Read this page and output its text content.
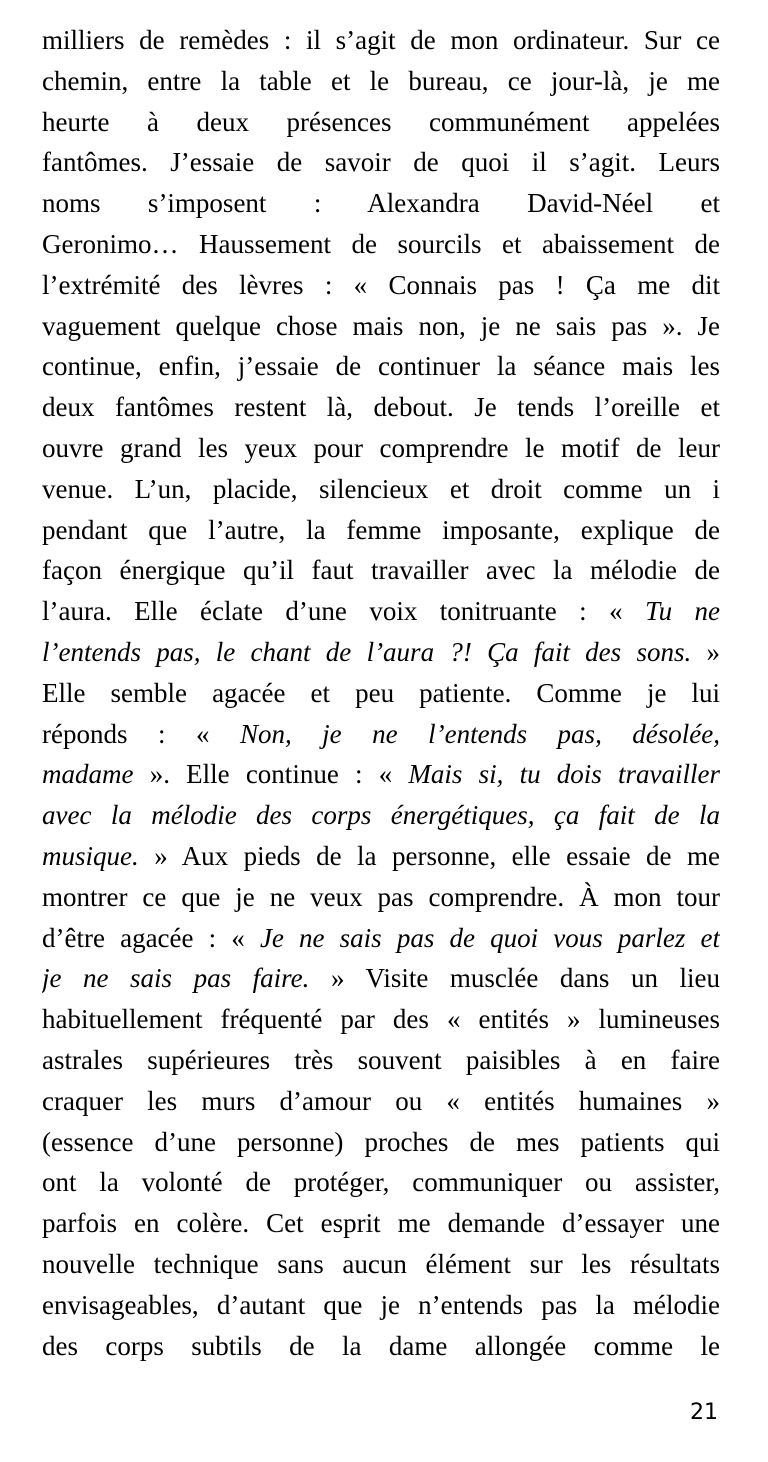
milliers de remèdes : il s’agit de mon ordinateur. Sur ce
chemin, entre la table et le bureau, ce jour-là, je me
heurte à deux présences communément appelées
fantômes. J’essaie de savoir de quoi il s’agit. Leurs
noms s’imposent : Alexandra David-Néel et
Geronimo… Haussement de sourcils et abaissement de
l’extrémité des lèvres : « Connais pas ! Ça me dit
vaguement quelque chose mais non, je ne sais pas ». Je
continue, enfin, j’essaie de continuer la séance mais les
deux fantômes restent là, debout. Je tends l’oreille et
ouvre grand les yeux pour comprendre le motif de leur
venue. L’un, placide, silencieux et droit comme un i
pendant que l’autre, la femme imposante, explique de
façon énergique qu’il faut travailler avec la mélodie de
l’aura. Elle éclate d’une voix tonitruante : « Tu ne
l’entends pas, le chant de l’aura ?! Ça fait des sons. »
Elle semble agacée et peu patiente. Comme je lui
réponds : « Non, je ne l’entends pas, désolée,
madame ». Elle continue : « Mais si, tu dois travailler
avec la mélodie des corps énergétiques, ça fait de la
musique. » Aux pieds de la personne, elle essaie de me
montrer ce que je ne veux pas comprendre. À mon tour
d’être agacée : « Je ne sais pas de quoi vous parlez et
je ne sais pas faire. » Visite musclée dans un lieu
habituellement fréquenté par des « entités » lumineuses
astrales supérieures très souvent paisibles à en faire
craquer les murs d’amour ou « entités humaines »
(essence d’une personne) proches de mes patients qui
ont la volonté de protéger, communiquer ou assister,
parfois en colère. Cet esprit me demande d’essayer une
nouvelle technique sans aucun élément sur les résultats
envisageables, d’autant que je n’entends pas la mélodie
des corps subtils de la dame allongée comme le

21
